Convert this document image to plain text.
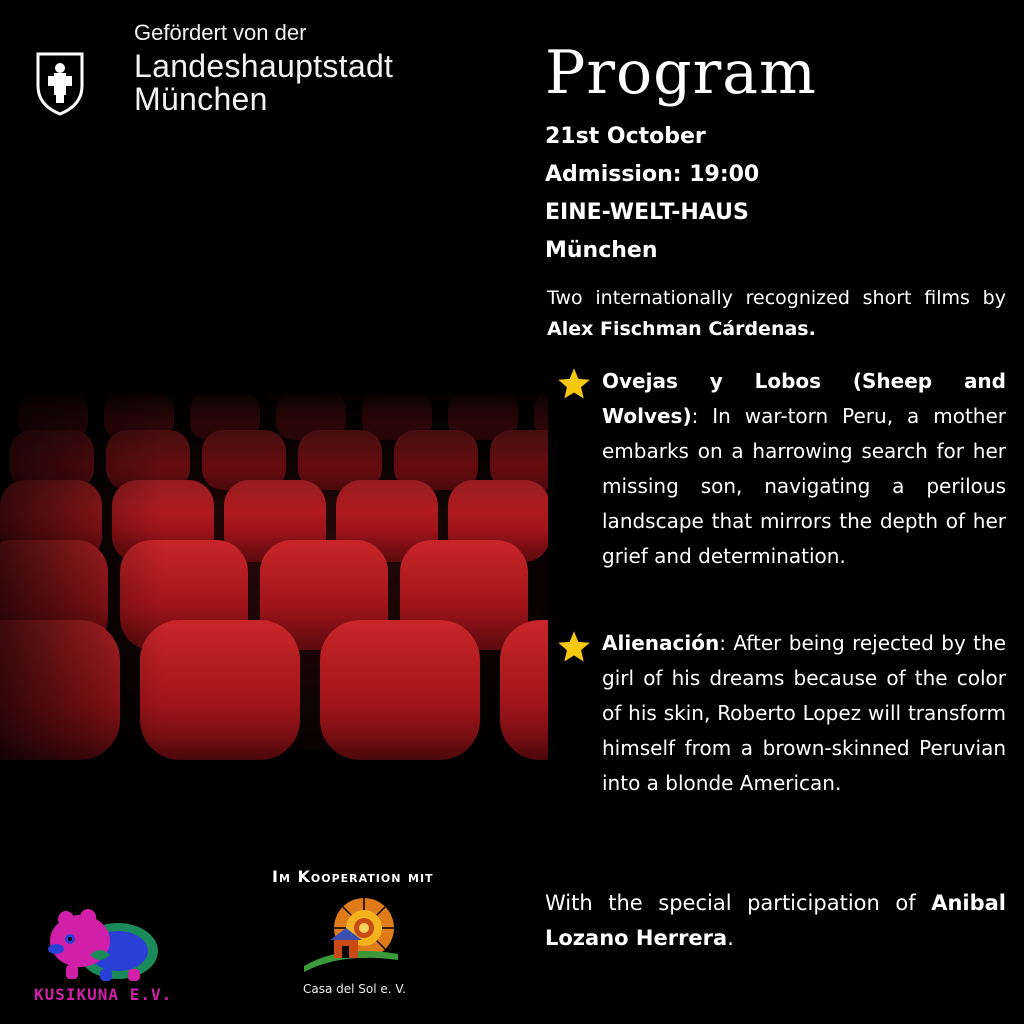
Gefördert von der
Landeshauptstadt
München	Program
21st October
Admission: 19:00
EINE-WELT-HAUS
München
Two internationally recognized short films by Alex Fischman Cárdenas.
Ovejas y Lobos (Sheep and Wolves): In war-torn Peru, a mother embarks on a harrowing search for her missing son, navigating a perilous landscape that mirrors the depth of her grief and determination.
Alienación: After being rejected by the girl of his dreams because of the color of his skin, Roberto Lopez will transform himself from a brown-skinned Peruvian into a blonde American.
With the special participation of Anibal Lozano Herrera.
Im Kooperation mit
KUSIKUNA E.V.	Casa del Sol e. V.
